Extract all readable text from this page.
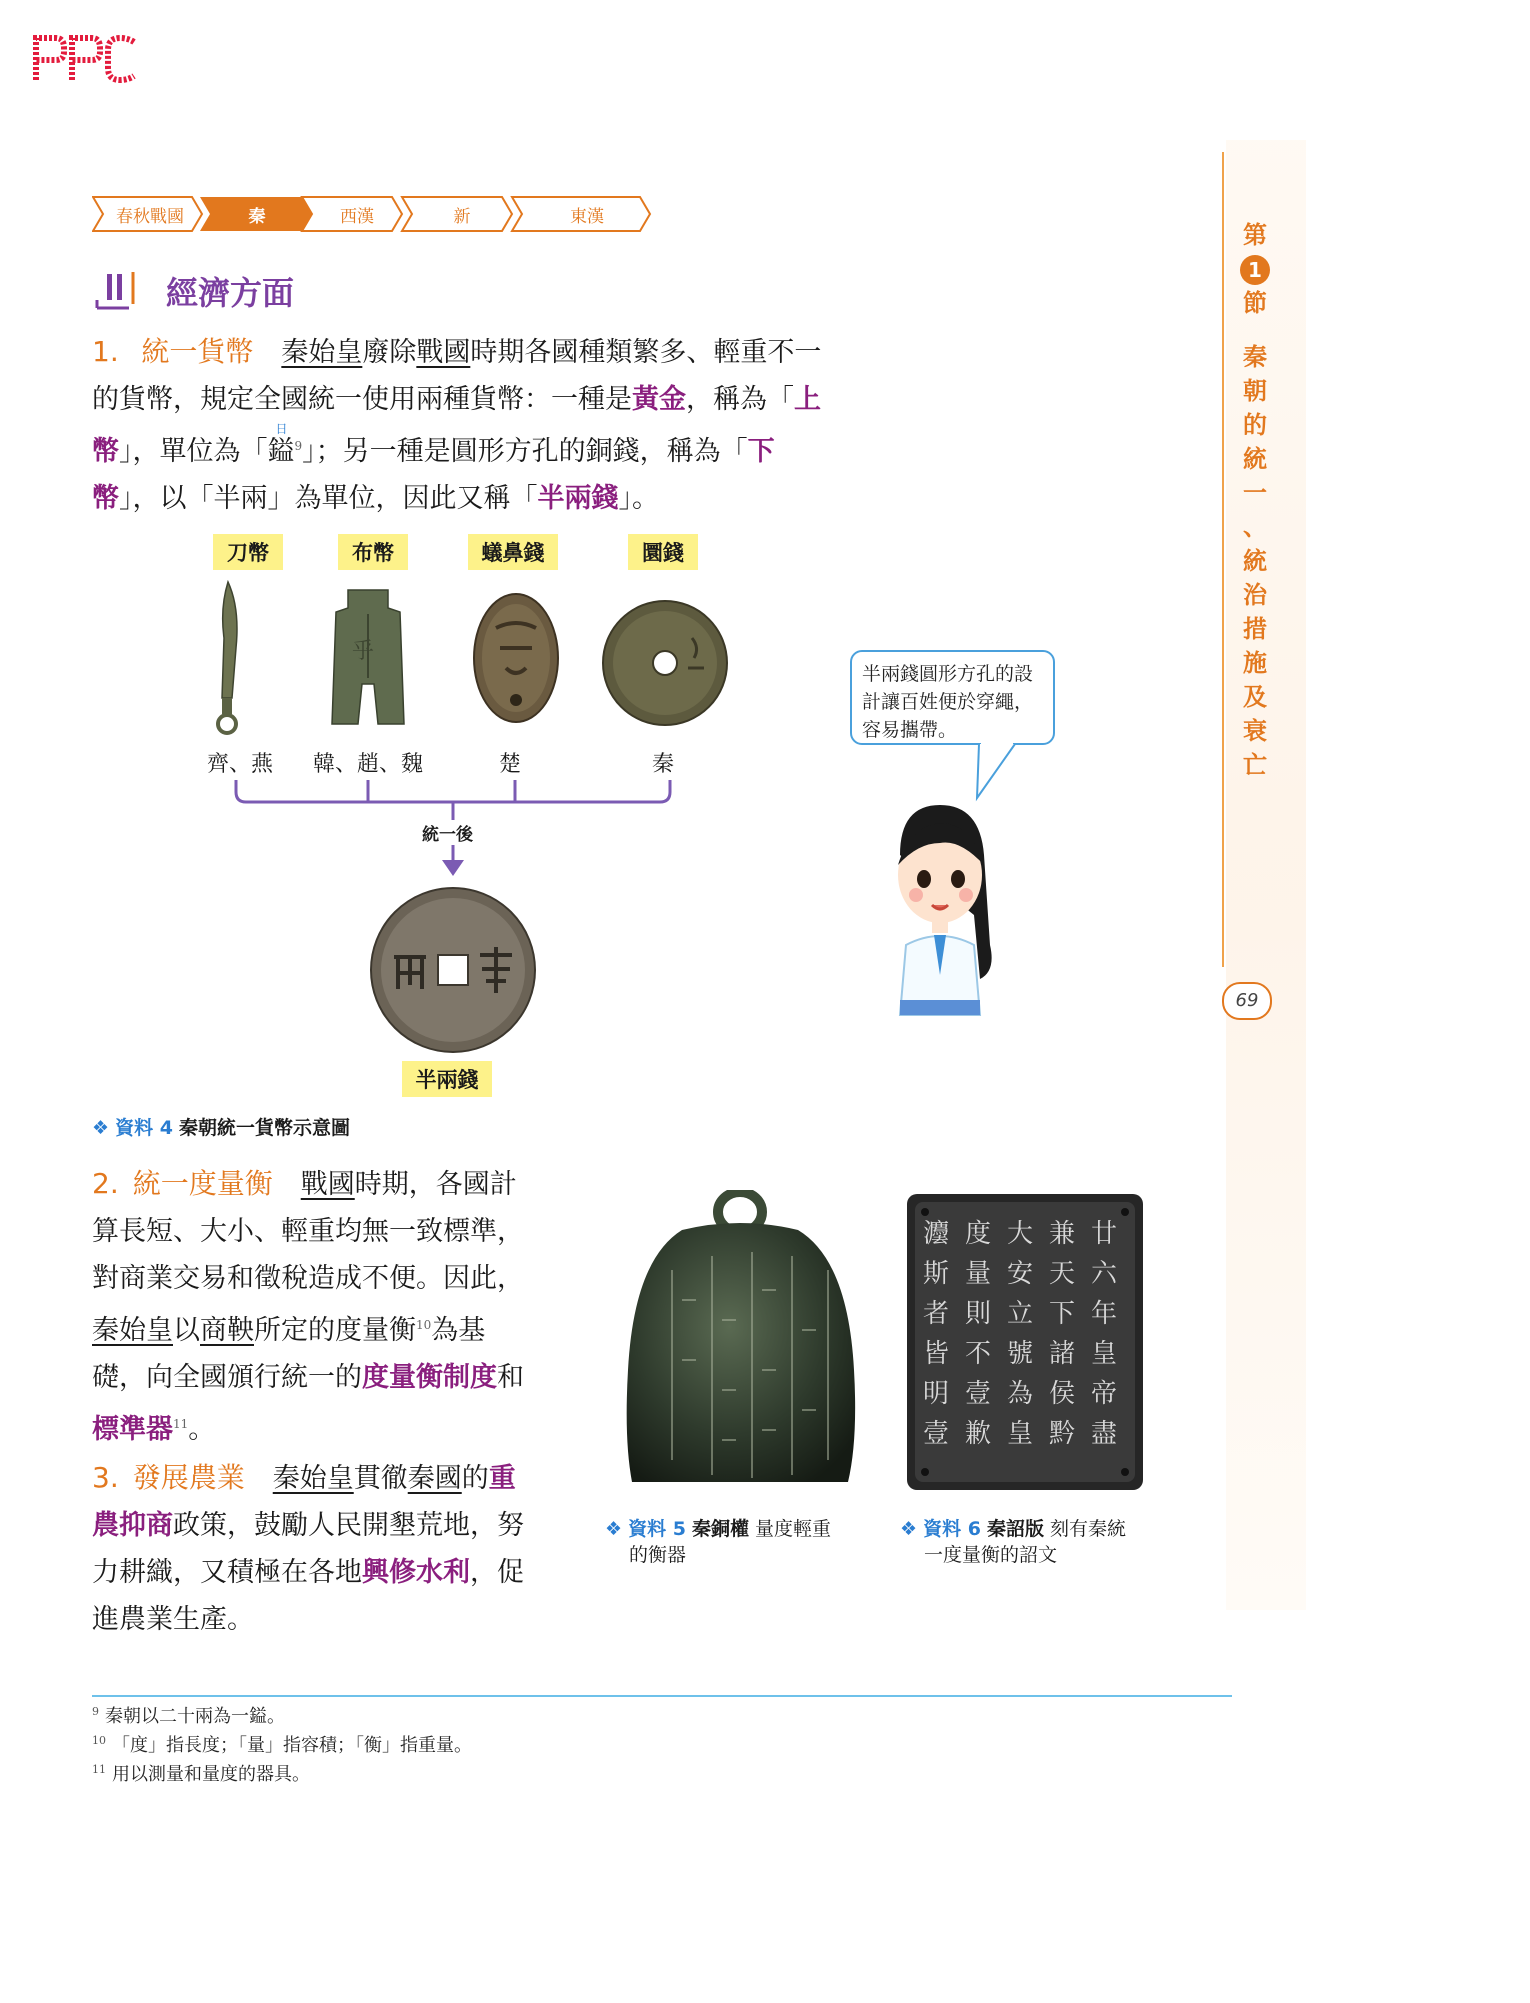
春秋戰國	秦	西漢	新	東漢
第
1
節
秦
朝
的
統
一
、
統
治
措
施
及
衰
亡
69
經濟方面
1. 統一貨幣 秦始皇廢除戰國時期各國種類繁多、輕重不一
的貨幣，規定全國統一使用兩種貨幣：一種是黃金，稱為「上
幣」，單位為「
日
鎰$^9$」；另一種是圓形方孔的銅錢，稱為「下
幣」，以「半兩」為單位，因此又稱「半兩錢」。
刀幣	布幣	蟻鼻錢	圜錢
乎
齊、燕	韓、趙、魏	楚	秦
統一後
半兩錢
半兩錢圓形方孔的設計讓百姓便於穿繩，容易攜帶。
❖ 資料 4 秦朝統一貨幣示意圖
2. 統一度量衡 戰國時期，各國計
算長短、大小、輕重均無一致標準，
對商業交易和徵稅造成不便。因此，
秦始皇以商鞅所定的度量衡$^{10}$為基
礎，向全國頒行統一的度量衡制度和
標準器$^{11}$。
3. 發展農業 秦始皇貫徹秦國的重
農抑商政策，鼓勵人民開墾荒地，努
力耕織，又積極在各地興修水利，促
進農業生產。
灋
斯
者
皆
明
壹
度
量
則
不
壹
歉
大
安
立
號
為
皇
兼
天
下
諸
侯
黔
廿
六
年
皇
帝
盡
❖ 資料 5 秦銅權 量度輕重
的衡器
❖ 資料 6 秦詔版 刻有秦統
一度量衡的詔文
$^9$ 秦朝以二十兩為一鎰。
$^{10}$ 「度」指長度；「量」指容積；「衡」指重量。
$^{11}$ 用以測量和量度的器具。
